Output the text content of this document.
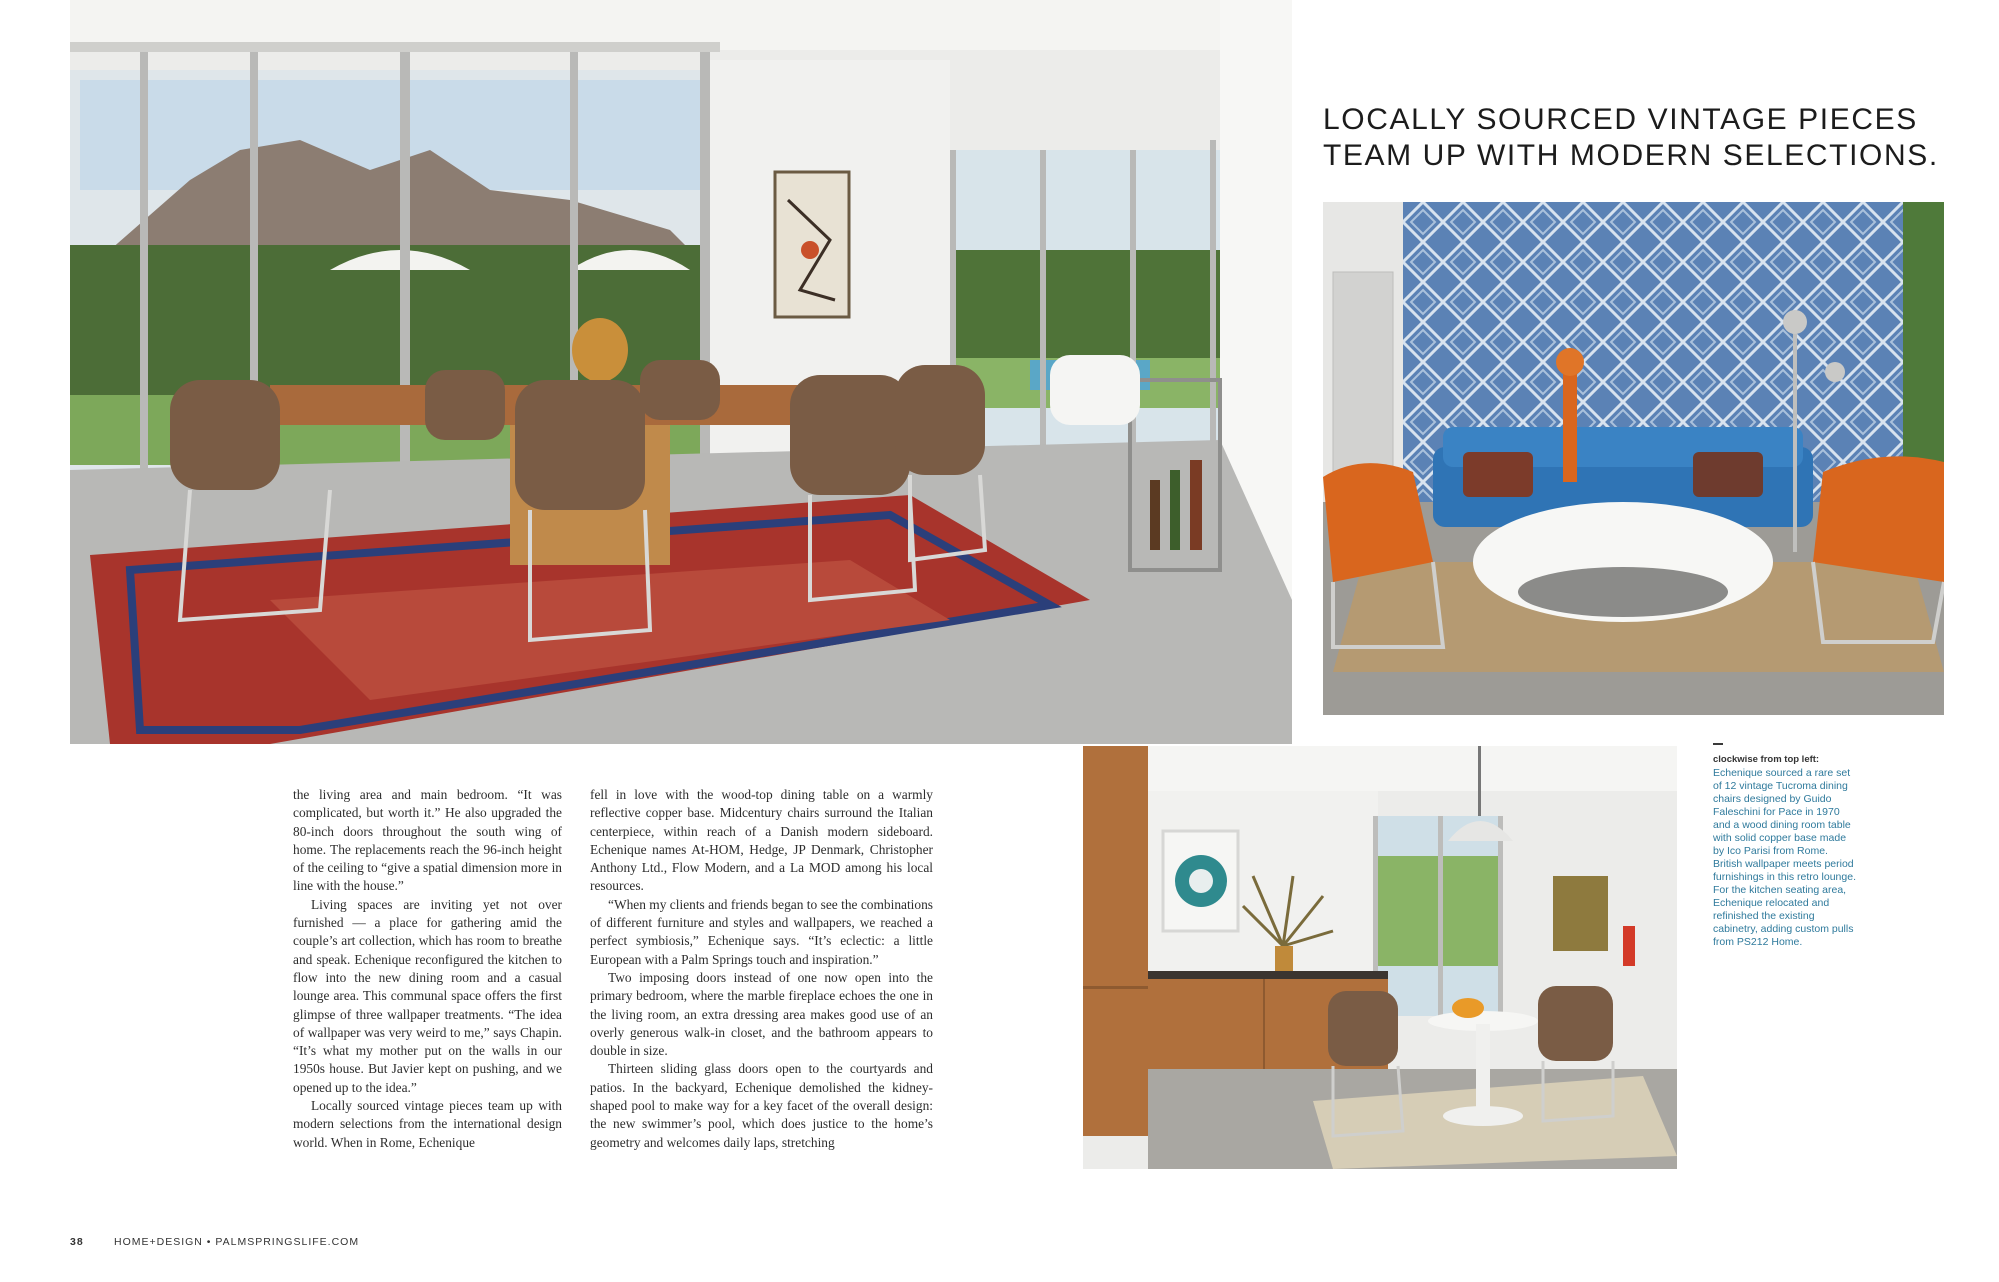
LOCALLY SOURCED VINTAGE PIECES
TEAM UP WITH MODERN SELECTIONS.

the living area and main bedroom. “It was complicated, but worth it.” He also upgraded the 80-inch doors throughout the south wing of home. The replacements reach the 96-inch height of the ceiling to “give a spatial dimension more in line with the house.”

Living spaces are inviting yet not over furnished — a place for gathering amid the couple’s art collection, which has room to breathe and speak. Echenique reconfigured the kitchen to flow into the new dining room and a casual lounge area. This communal space offers the first glimpse of three wallpaper treatments. “The idea of wallpaper was very weird to me,” says Chapin. “It’s what my mother put on the walls in our 1950s house. But Javier kept on pushing, and we opened up to the idea.”

Locally sourced vintage pieces team up with modern selections from the international design world. When in Rome, Echenique

fell in love with the wood-top dining table on a warmly reflective copper base. Midcentury chairs surround the Italian centerpiece, within reach of a Danish modern sideboard. Echenique names At-HOM, Hedge, JP Denmark, Christopher Anthony Ltd., Flow Modern, and a La MOD among his local resources.

“When my clients and friends began to see the combinations of different furniture and styles and wallpapers, we reached a perfect symbiosis,” Echenique says. “It’s eclectic: a little European with a Palm Springs touch and inspiration.”

Two imposing doors instead of one now open into the primary bedroom, where the marble fireplace echoes the one in the living room, an extra dressing area makes good use of an overly generous walk-in closet, and the bathroom appears to double in size.

Thirteen sliding glass doors open to the courtyards and patios. In the backyard, Echenique demolished the kidney-shaped pool to make way for a key facet of the overall design: the new swimmer’s pool, which does justice to the home’s geometry and welcomes daily laps, stretching

clockwise from top left:
Echenique sourced a rare set of 12 vintage Tucroma dining chairs designed by Guido Faleschini for Pace in 1970 and a wood dining room table with solid copper base made by Ico Parisi from Rome. British wallpaper meets period furnishings in this retro lounge. For the kitchen seating area, Echenique relocated and refinished the existing cabinetry, adding custom pulls from PS212 Home.
38	HOME+DESIGN • PALMSPRINGSLIFE.COM
